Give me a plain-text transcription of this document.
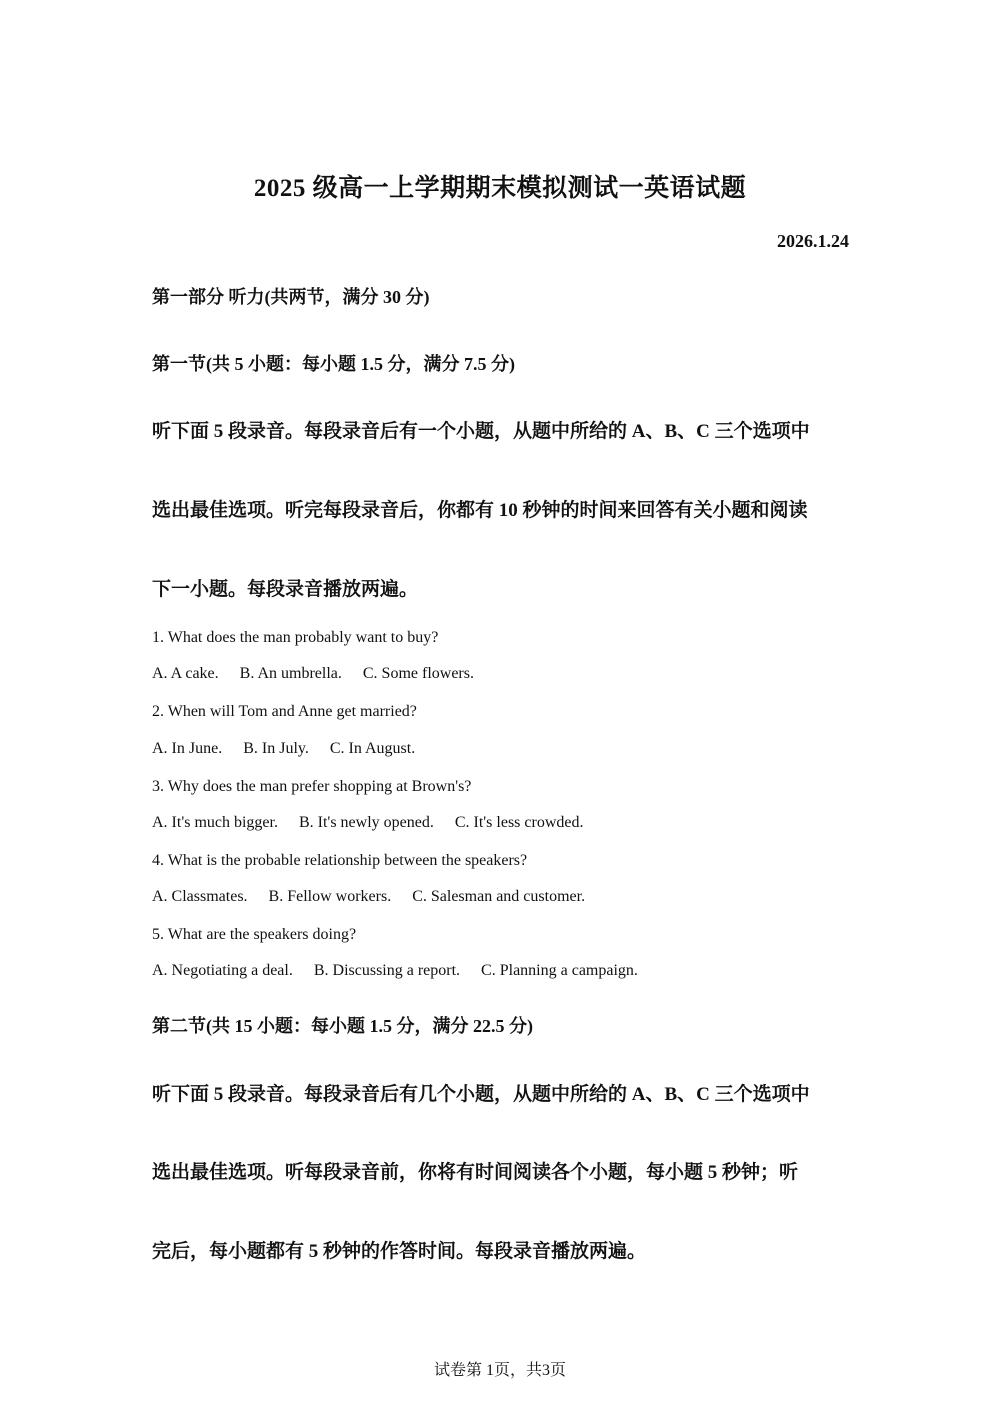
2025 级高一上学期期末模拟测试一英语试题
2026.1.24
第一部分 听力(共两节，满分 30 分)
第一节(共 5 小题：每小题 1.5 分，满分 7.5 分)
听下面 5 段录音。每段录音后有一个小题，从题中所给的 A、B、C 三个选项中
选出最佳选项。听完每段录音后，你都有 10 秒钟的时间来回答有关小题和阅读
下一小题。每段录音播放两遍。
1. What does the man probably want to buy?
A. A cake. B. An umbrella. C. Some flowers.
2. When will Tom and Anne get married?
A. In June. B. In July. C. In August.
3. Why does the man prefer shopping at Brown's?
A. It's much bigger. B. It's newly opened. C. It's less crowded.
4. What is the probable relationship between the speakers?
A. Classmates. B. Fellow workers. C. Salesman and customer.
5. What are the speakers doing?
A. Negotiating a deal. B. Discussing a report. C. Planning a campaign.
第二节(共 15 小题：每小题 1.5 分，满分 22.5 分)
听下面 5 段录音。每段录音后有几个小题，从题中所给的 A、B、C 三个选项中
选出最佳选项。听每段录音前，你将有时间阅读各个小题，每小题 5 秒钟；听
完后，每小题都有 5 秒钟的作答时间。每段录音播放两遍。
试卷第 1页，共3页
